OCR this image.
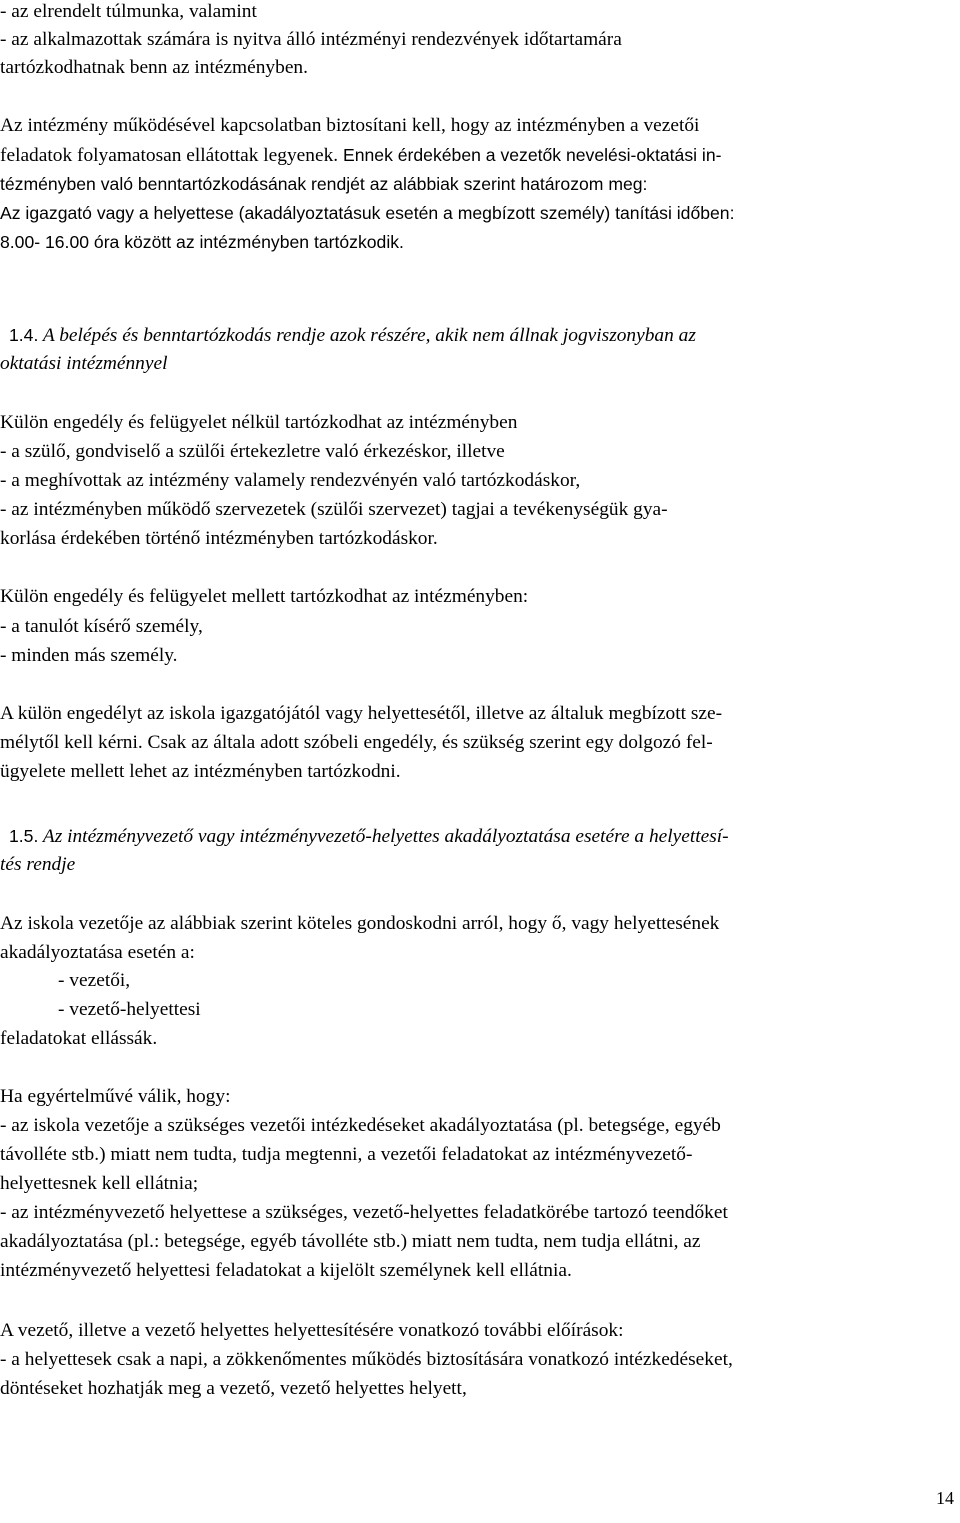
- az elrendelt túlmunka, valamint

- az alkalmazottak számára is nyitva álló intézményi rendezvények időtartamára

tartózkodhatnak benn az intézményben.

Az intézmény működésével kapcsolatban biztosítani kell, hogy az intézményben a vezetői

feladatok folyamatosan ellátottak legyenek. Ennek érdekében a vezetők nevelési-oktatási in-

tézményben való benntartózkodásának rendjét az alábbiak szerint határozom meg:

Az igazgató vagy a helyettese (akadályoztatásuk esetén a megbízott személy) tanítási időben:

8.00- 16.00 óra között az intézményben tartózkodik.

1.4. A belépés és benntartózkodás rendje azok részére, akik nem állnak jogviszonyban az

oktatási intézménnyel

Külön engedély és felügyelet nélkül tartózkodhat az intézményben

- a szülő, gondviselő a szülői értekezletre való érkezéskor, illetve

- a meghívottak az intézmény valamely rendezvényén való tartózkodáskor,

- az intézményben működő szervezetek (szülői szervezet) tagjai a tevékenységük gya-

korlása érdekében történő intézményben tartózkodáskor.

Külön engedély és felügyelet mellett tartózkodhat az intézményben:

- a tanulót kísérő személy,

- minden más személy.

A külön engedélyt az iskola igazgatójától vagy helyettesétől, illetve az általuk megbízott sze-

mélytől kell kérni. Csak az általa adott szóbeli engedély, és szükség szerint egy dolgozó fel-

ügyelete mellett lehet az intézményben tartózkodni.

1.5. Az intézményvezető vagy intézményvezető-helyettes akadályoztatása esetére a helyettesí-

tés rendje

Az iskola vezetője az alábbiak szerint köteles gondoskodni arról, hogy ő, vagy helyettesének

akadályoztatása esetén a:

- vezetői,

- vezető-helyettesi

feladatokat ellássák.

Ha egyértelművé válik, hogy:

- az iskola vezetője a szükséges vezetői intézkedéseket akadályoztatása (pl. betegsége, egyéb

távolléte stb.) miatt nem tudta, tudja megtenni, a vezetői feladatokat az intézményvezető-

helyettesnek kell ellátnia;

- az intézményvezető helyettese a szükséges, vezető-helyettes feladatkörébe tartozó teendőket

akadályoztatása (pl.: betegsége, egyéb távolléte stb.) miatt nem tudta, nem tudja ellátni, az

intézményvezető helyettesi feladatokat a kijelölt személynek kell ellátnia.

A vezető, illetve a vezető helyettes helyettesítésére vonatkozó további előírások:

- a helyettesek csak a napi, a zökkenőmentes működés biztosítására vonatkozó intézkedéseket,

döntéseket hozhatják meg a vezető, vezető helyettes helyett,

14
